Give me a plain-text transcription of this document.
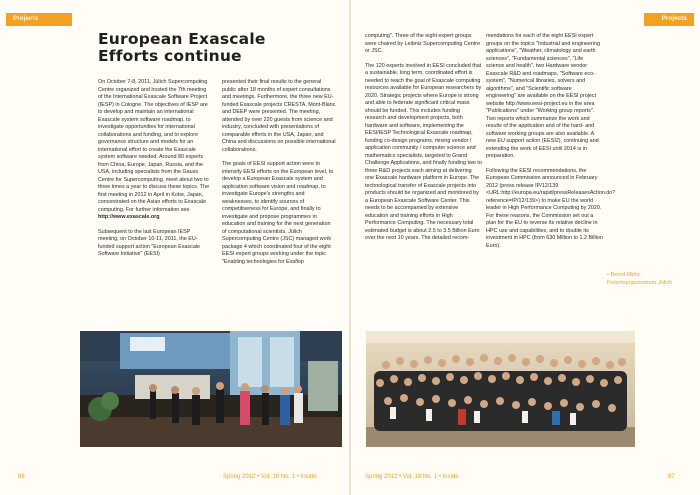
Projects
European Exascale Efforts continue

On October 7-8, 2011, Jülich Supercomputing Centre organized and hosted the 7th meeting of the International Exascale Software Project (IESP) in Cologne. The objectives of IESP are to develop and maintain an international Exascale system software roadmap, to investigate opportunities for international collaborations and funding, and to explore governance structure and models for an international effort to create the Exascale system software needed. Around 80 experts from China, Europe, Japan, Russia, and the USA, including specialists from the Gauss Centre for Supercomputing, meet about two to three times a year to discuss these topics. The first meeting in 2012 in April in Kobe, Japan, concentrated on the Asian efforts to Exascale computing. For further information see
http://www.exascale.org

Subsequent to the last European IESP meeting, on October 10-11, 2011, the EU-funded support action "European Exascale Software Initiative" (EESI)

presented their final results to the general public after 18 months of expert consultations and meetings. Furthermore, the three new EU-funded Exascale projects CRESTA, Mont-Blanc and DEEP were presented. The meeting, attended by over 220 guests from science and industry, concluded with presentations of comparable efforts in the USA, Japan, and China and discussions on possible international collaborations.

The goals of EESI support action were to intensify EESI efforts on the European level, to develop a European Exascale system and application software vision and roadmap, to investigate Europe's strengths and weaknesses, to identify sources of competitiveness for Europe, and finally to investigate and propose programmes in education and training for the next generation of computational scientists. Jülich Supercomputing Centre (JSC) managed work package 4 which coordinated four of the eight EESI expert groups working under the topic "Enabling technologies for Exaflop

86	Spring 2012 • Vol. 10 No. 1 • Inside
Projects

computing". Three of the eight expert groups were chaired by Leibniz Supercomputing Centre or JSC.

The 120 experts involved in EESI concluded that a sustainable, long term, coordinated effort is needed to reach the goal of Exascale computing resources available for European researchers by 2020. Strategic projects where Europe is strong and able to federate significant critical mass should be funded. This includes funding research and development projects, both hardware and software, implementing the EESI/IESP Technological Exascale roadmap, funding co-design programs, mixing vendor / application community / computer science and mathematics specialists, targeted to Grand Challenge Applications, and finally funding two to three R&D projects each aiming at delivering one Exascale hardware platform in Europe. The technological transfer of Exascale projects into products should be organized and monitored by a European Exascale Software Center. This needs to be accompanied by extensive education and training efforts in High Performance Computing. The necessary total estimated budget is about 2.5 to 3.5 Billion Euro over the next 10 years. The detailed recom-

mendations for each of the eight EESI expert groups on the topics "Industrial and engineering applications", "Weather, climatology and earth sciences", "Fundamental sciences", "Life science and health", two Hardware vendor Exascale R&D and roadmaps, "Software eco-system", "Numerical libraries, solvers and algorithms", and "Scientific software engineering" are available on the EESI project website http://www.eesi-project.eu in the area "Publications" under "Working group reports". Two reports which summarize the work and results of the application and of the hard- and software working groups are also available. A new EU support action (EESI2), continuing and extending the work of EESI until 2014 is in preparation.

Following the EESI recommendations, the European Commission announced in February 2012 (press release IP/12/139 <URL:http://europa.eu/rapid/pressReleasesAction.do?reference=IP/12/139>) to make EU the world leader in High Performance Computing by 2020. For these reasons, the Commission set out a plan for the EU to reverse its relative decline in HPC use and capabilities, and to double its investment in HPC (from 630 Million to 1.2 Billion Euro).

• Bernd Mohr
Forschungszentrum Jülich
Spring 2012 • Vol. 10 No. 1 • Inside	87
